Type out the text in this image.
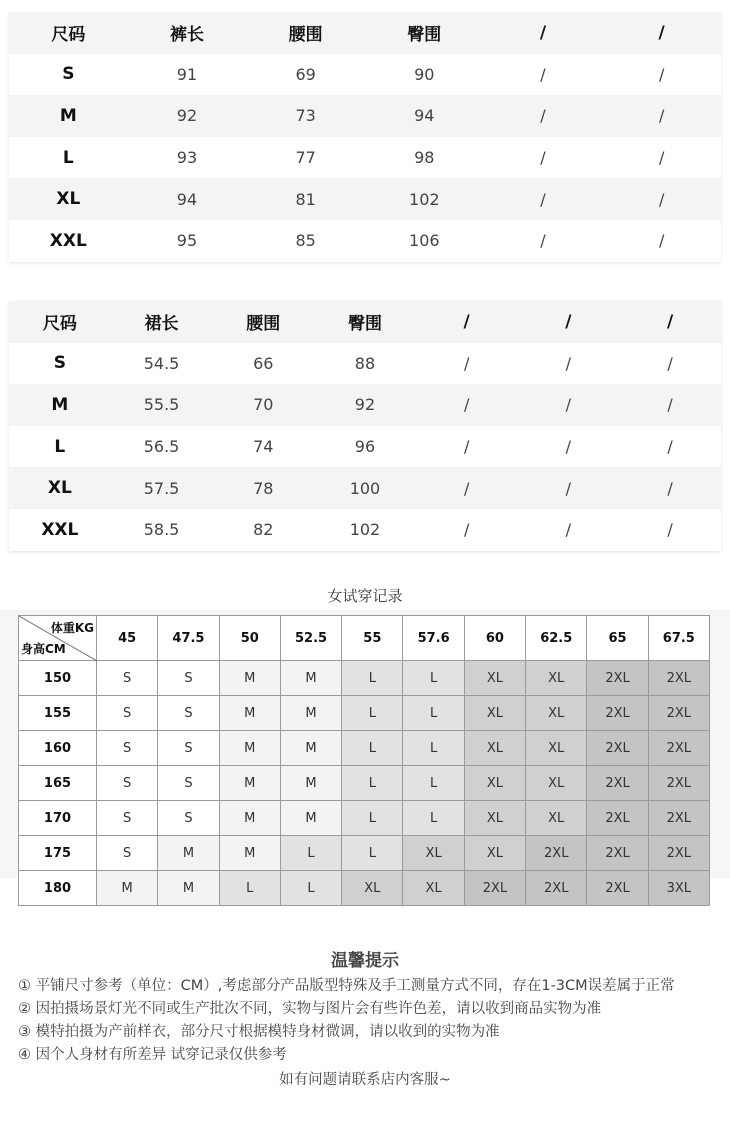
尺码	裤长	腰围	臀围	/	/
S	91	69	90	/	/
M	92	73	94	/	/
L	93	77	98	/	/
XL	94	81	102	/	/
XXL	95	85	106	/	/
尺码	裙长	腰围	臀围	/	/	/
S	54.5	66	88	/	/	/
M	55.5	70	92	/	/	/
L	56.5	74	96	/	/	/
XL	57.5	78	100	/	/	/
XXL	58.5	82	102	/	/	/
女试穿记录
体重KG
身高CM	45	47.5	50	52.5	55	57.6	60	62.5	65	67.5
150	S	S	M	M	L	L	XL	XL	2XL	2XL
155	S	S	M	M	L	L	XL	XL	2XL	2XL
160	S	S	M	M	L	L	XL	XL	2XL	2XL
165	S	S	M	M	L	L	XL	XL	2XL	2XL
170	S	S	M	M	L	L	XL	XL	2XL	2XL
175	S	M	M	L	L	XL	XL	2XL	2XL	2XL
180	M	M	L	L	XL	XL	2XL	2XL	2XL	3XL
温馨提示
① 平铺尺寸参考（单位：CM）,考虑部分产品版型特殊及手工测量方式不同，存在1-3CM误差属于正常
② 因拍摄场景灯光不同或生产批次不同，实物与图片会有些许色差，请以收到商品实物为准
③ 模特拍摄为产前样衣，部分尺寸根据模特身材微调，请以收到的实物为准
④ 因个人身材有所差异 试穿记录仅供参考
如有问题请联系店内客服~
